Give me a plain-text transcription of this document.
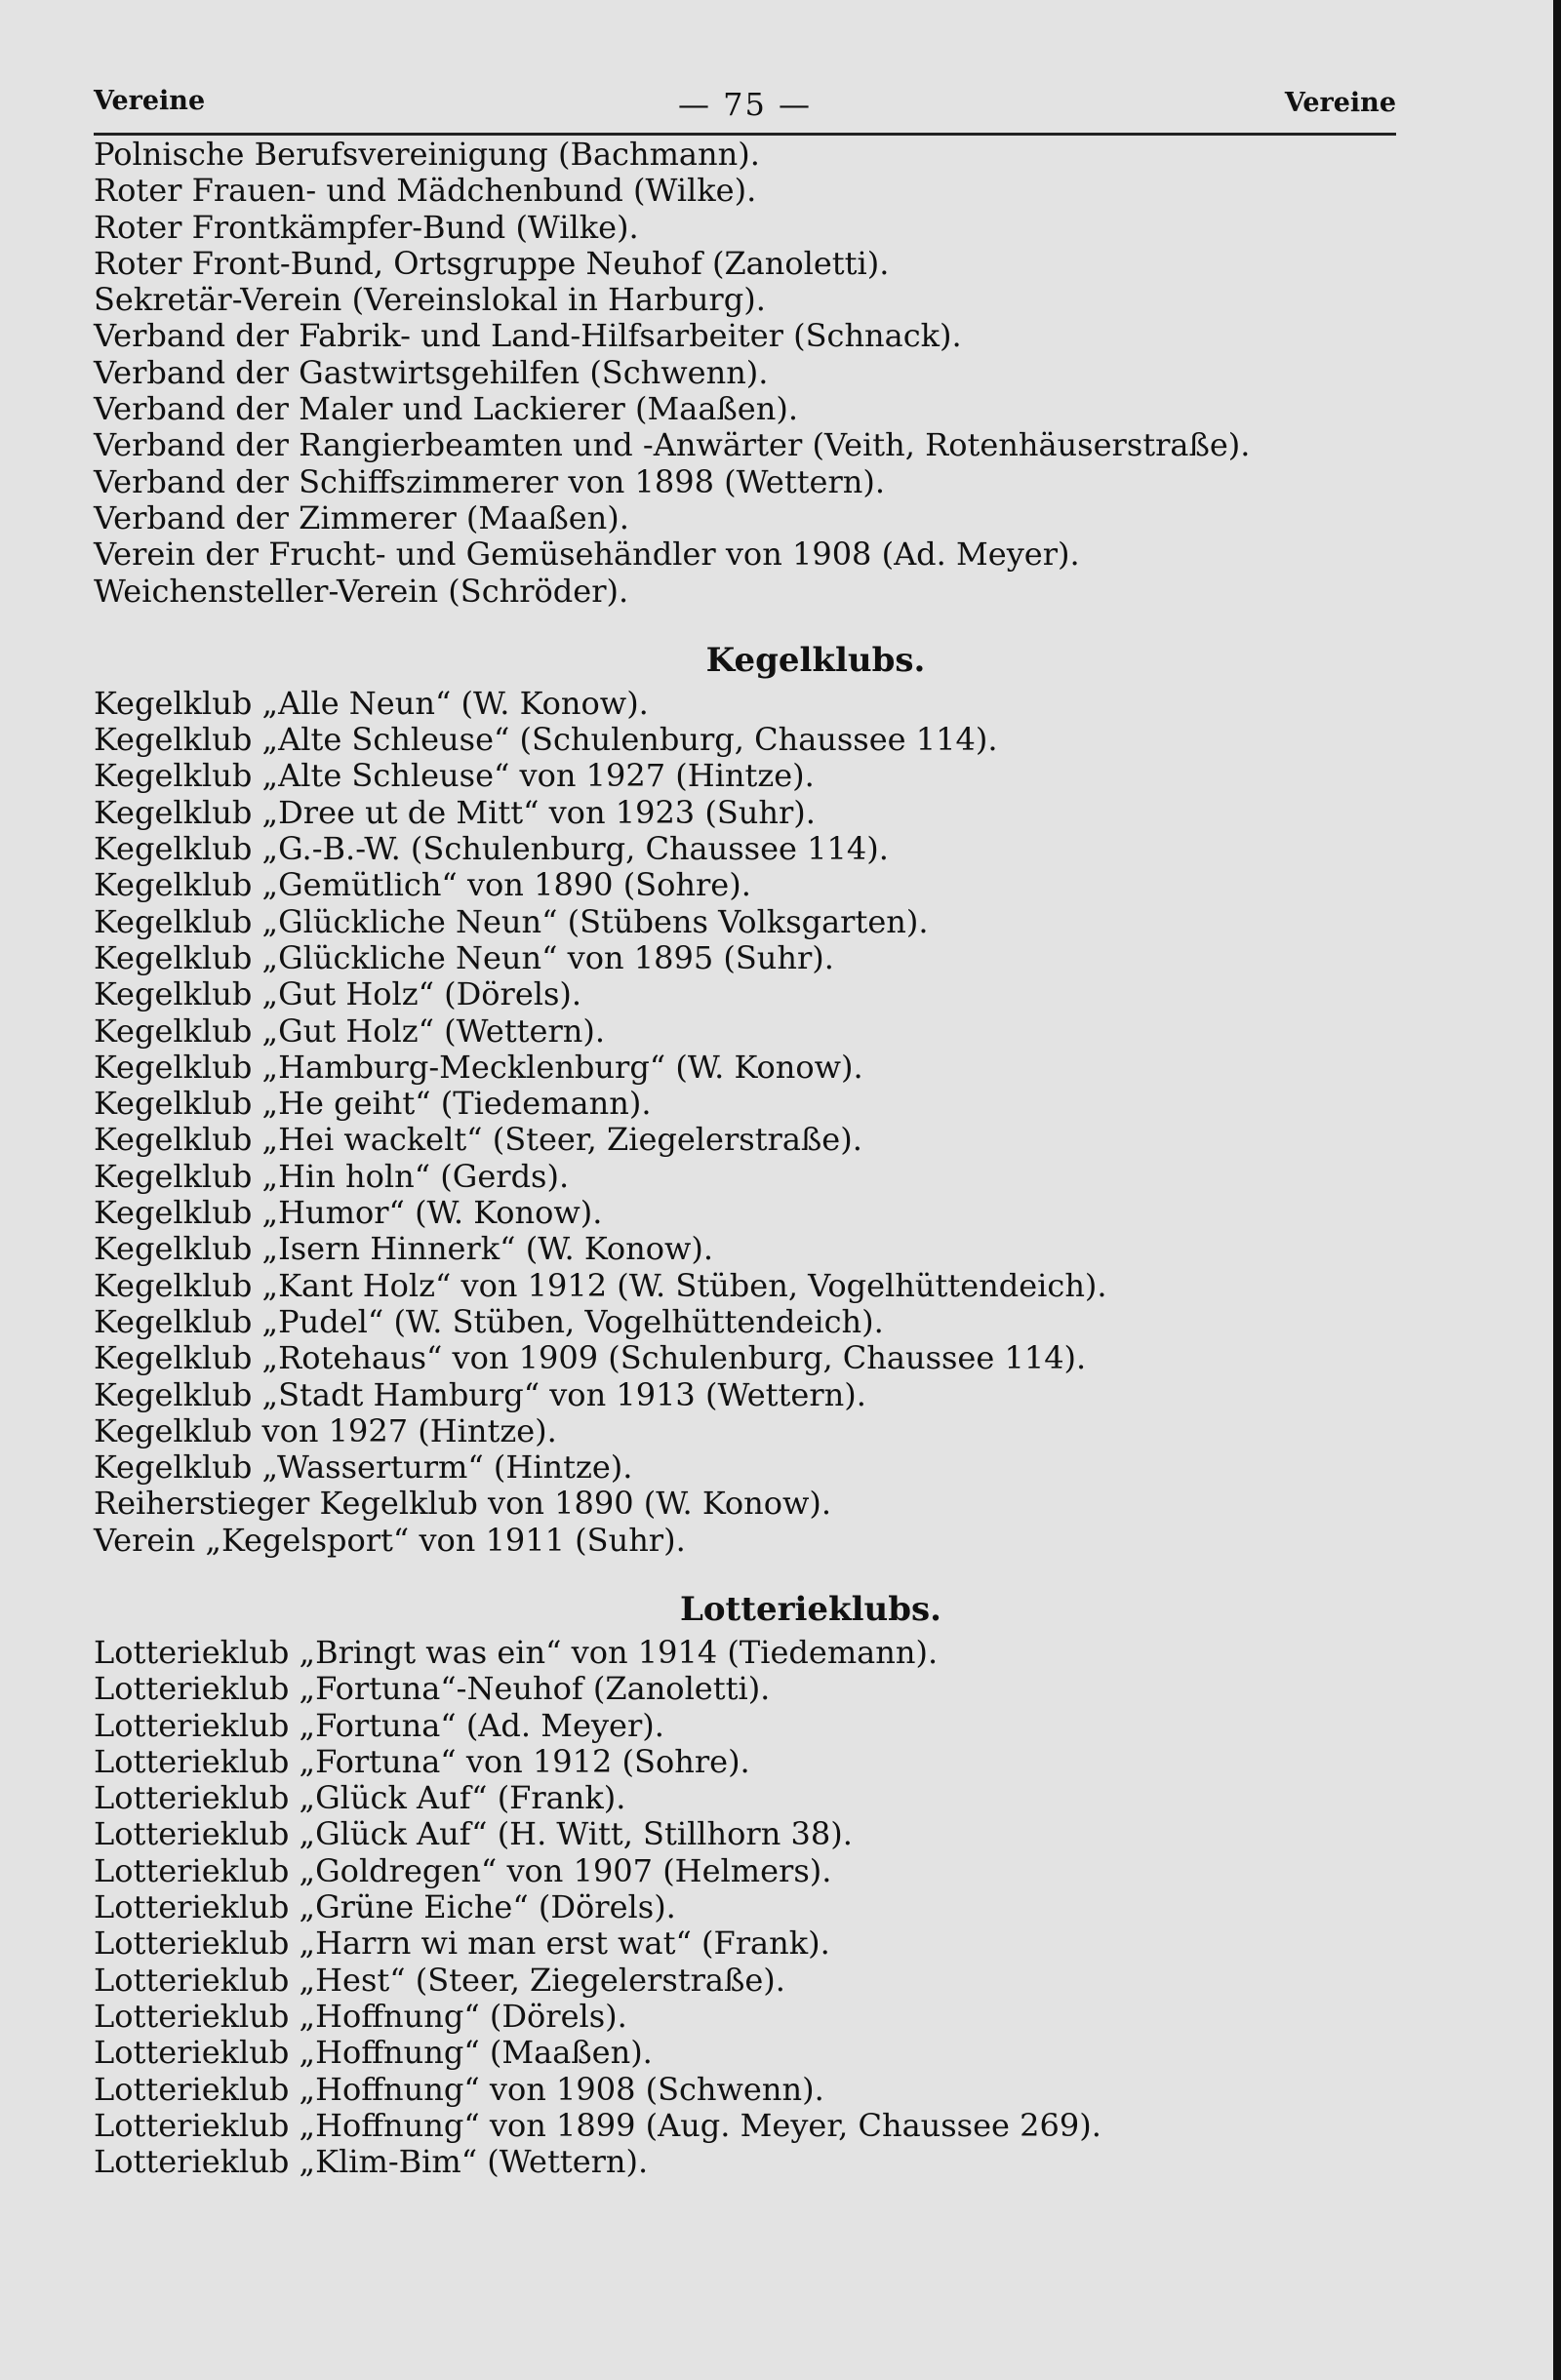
Vereine	— 75 —	Vereine
Polnische Berufsvereinigung (Bachmann).
Roter Frauen- und Mädchenbund (Wilke).
Roter Frontkämpfer-Bund (Wilke).
Roter Front-Bund, Ortsgruppe Neuhof (Zanoletti).
Sekretär-Verein (Vereinslokal in Harburg).
Verband der Fabrik- und Land-Hilfsarbeiter (Schnack).
Verband der Gastwirtsgehilfen (Schwenn).
Verband der Maler und Lackierer (Maaßen).
Verband der Rangierbeamten und -Anwärter (Veith, Rotenhäuserstraße).
Verband der Schiffszimmerer von 1898 (Wettern).
Verband der Zimmerer (Maaßen).
Verein der Frucht- und Gemüsehändler von 1908 (Ad. Meyer).
Weichensteller-Verein (Schröder).
Kegelklubs.
Kegelklub „Alle Neun“ (W. Konow).
Kegelklub „Alte Schleuse“ (Schulenburg, Chaussee 114).
Kegelklub „Alte Schleuse“ von 1927 (Hintze).
Kegelklub „Dree ut de Mitt“ von 1923 (Suhr).
Kegelklub „G.-B.-W. (Schulenburg, Chaussee 114).
Kegelklub „Gemütlich“ von 1890 (Sohre).
Kegelklub „Glückliche Neun“ (Stübens Volksgarten).
Kegelklub „Glückliche Neun“ von 1895 (Suhr).
Kegelklub „Gut Holz“ (Dörels).
Kegelklub „Gut Holz“ (Wettern).
Kegelklub „Hamburg-Mecklenburg“ (W. Konow).
Kegelklub „He geiht“ (Tiedemann).
Kegelklub „Hei wackelt“ (Steer, Ziegelerstraße).
Kegelklub „Hin holn“ (Gerds).
Kegelklub „Humor“ (W. Konow).
Kegelklub „Isern Hinnerk“ (W. Konow).
Kegelklub „Kant Holz“ von 1912 (W. Stüben, Vogelhüttendeich).
Kegelklub „Pudel“ (W. Stüben, Vogelhüttendeich).
Kegelklub „Rotehaus“ von 1909 (Schulenburg, Chaussee 114).
Kegelklub „Stadt Hamburg“ von 1913 (Wettern).
Kegelklub von 1927 (Hintze).
Kegelklub „Wasserturm“ (Hintze).
Reiherstieger Kegelklub von 1890 (W. Konow).
Verein „Kegelsport“ von 1911 (Suhr).
Lotterieklubs.
Lotterieklub „Bringt was ein“ von 1914 (Tiedemann).
Lotterieklub „Fortuna“-Neuhof (Zanoletti).
Lotterieklub „Fortuna“ (Ad. Meyer).
Lotterieklub „Fortuna“ von 1912 (Sohre).
Lotterieklub „Glück Auf“ (Frank).
Lotterieklub „Glück Auf“ (H. Witt, Stillhorn 38).
Lotterieklub „Goldregen“ von 1907 (Helmers).
Lotterieklub „Grüne Eiche“ (Dörels).
Lotterieklub „Harrn wi man erst wat“ (Frank).
Lotterieklub „Hest“ (Steer, Ziegelerstraße).
Lotterieklub „Hoffnung“ (Dörels).
Lotterieklub „Hoffnung“ (Maaßen).
Lotterieklub „Hoffnung“ von 1908 (Schwenn).
Lotterieklub „Hoffnung“ von 1899 (Aug. Meyer, Chaussee 269).
Lotterieklub „Klim-Bim“ (Wettern).
